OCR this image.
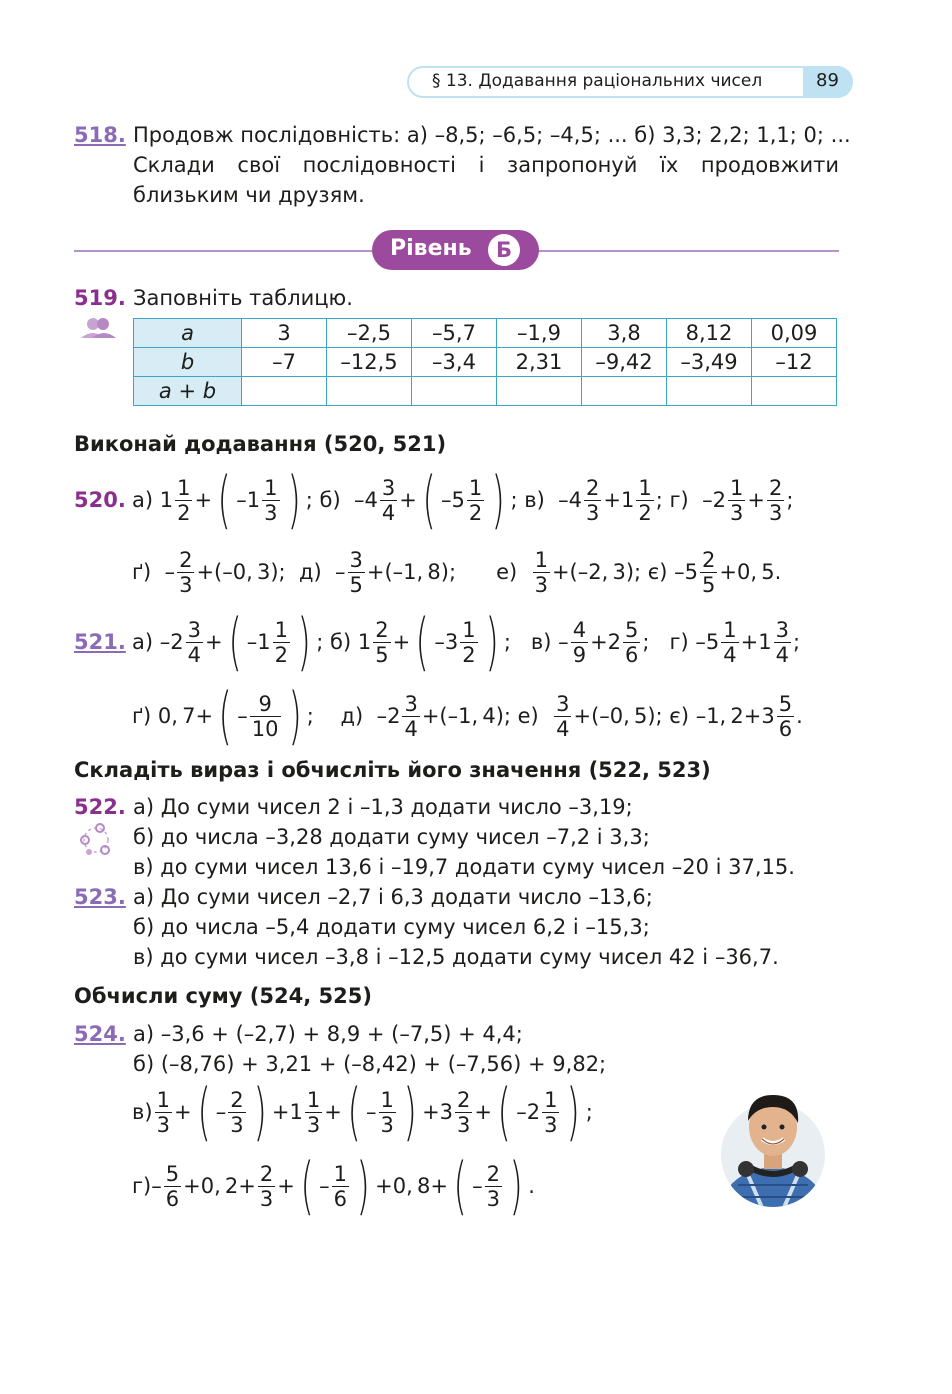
§ 13. Додавання раціональних чисел	89
518. Продовж послідовність: а) –8,5; –6,5; –4,5; ... б) 3,3; 2,2; 1,1; 0; ...
Склади свої послідовності і запропонуй їх продовжити
близьким чи друзям.
Рівень	Б
519. Заповніть таблицю.
a	3	–2,5	–5,7	–1,9	3,8	8,12	0,09
b	–7	–12,5	–3,4	2,31	–9,42	–3,49	–12
a + b							
Виконай додавання (520, 521)
520. а) $1 \frac{1}{2}$ + ( $-1 \frac{1}{3}$ ) ; б)  $-4 \frac{3}{4}$ + ( $-5 \frac{1}{2}$ ) ; в)  $-4 \frac{2}{3} +1 \frac{1}{2}$ ; г)  $-2 \frac{1}{3} + \frac{2}{3}$ ;
$ґ) - \frac{2}{3} +(-0$, 3);  $д) - \frac{3}{5} +(-1$, 8);      $е) \frac{1}{3} +(-2$, 3); є) $-5 \frac{2}{5} +0$, 5.
521. а) $-2 \frac{3}{4}$ + ( $-1 \frac{1}{2}$ ) ; б) $1 \frac{2}{5}$ + ( $-3 \frac{1}{2}$ ) ;   $в) - \frac{4}{9} +2 \frac{5}{6}$ ;   г) $-5 \frac{1}{4} +1 \frac{3}{4}$ ;
ґ) 0, 7+ ( – $\frac{9}{10}$ ) ;    д)  $-2 \frac{3}{4} +(-1$, 4); $е) \frac{3}{4} +(-0$, 5); є) –1, $2+3 \frac{5}{6}$ .
Складіть вираз і обчисліть його значення (522, 523)
522. а) До суми чисел 2 і –1,3 додати число –3,19;
б) до числа –3,28 додати суму чисел –7,2 і 3,3;
в) до суми чисел 13,6 і –19,7 додати суму чисел –20 і 37,15.
523. а) До суми чисел –2,7 і 6,3 додати число –13,6;
б) до числа –5,4 додати суму чисел 6,2 і –15,3;
в) до суми чисел –3,8 і –12,5 додати суму чисел 42 і –36,7.
Обчисли суму (524, 525)
524. а) –3,6 + (–2,7) + 8,9 + (–7,5) + 4,4;
б) (–8,76) + 3,21 + (–8,42) + (–7,56) + 9,82;
$в) \frac{1}{3}$ + ( – $\frac{2}{3}$ ) $+1 \frac{1}{3}$ + ( – $\frac{1}{3}$ ) $+3 \frac{2}{3}$ + ( $-2 \frac{1}{3}$ ) ;
$г)- \frac{5}{6} +0$, $2+ \frac{2}{3}$ + ( – $\frac{1}{6}$ ) +0, 8+ ( – $\frac{2}{3}$ ) .
